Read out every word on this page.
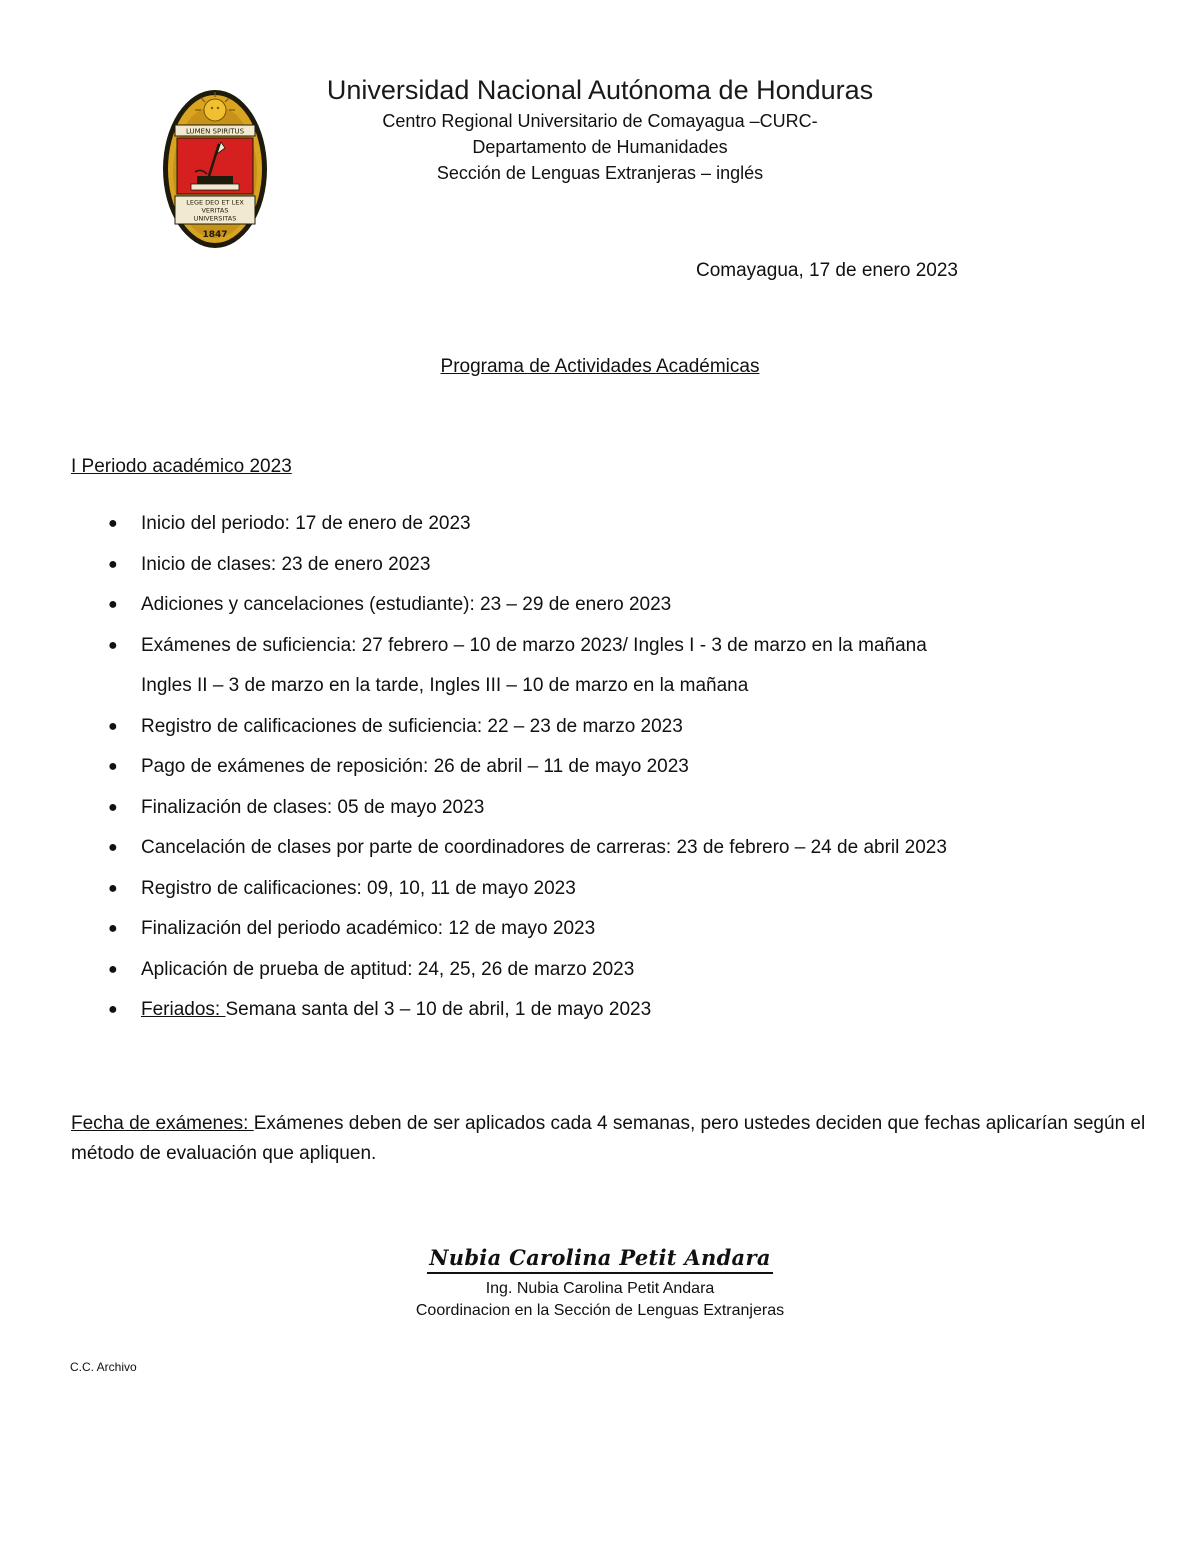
LUMEN SPIRITUS
LEGE DEO ET LEX
VERITAS
UNIVERSITAS
1847

Universidad Nacional Autónoma de Honduras

Centro Regional Universitario de Comayagua –CURC-

Departamento de Humanidades

Sección de Lenguas Extranjeras – inglés

Comayagua, 17 de enero 2023
Programa de Actividades Académicas
I Periodo académico 2023
● Inicio del periodo: 17 de enero de 2023
● Inicio de clases: 23 de enero 2023
● Adiciones y cancelaciones (estudiante): 23 – 29 de enero 2023
● Exámenes de suficiencia: 27 febrero – 10 de marzo 2023/ Ingles I - 3 de marzo en la mañana
Ingles II – 3 de marzo en la tarde, Ingles III – 10 de marzo en la mañana
● Registro de calificaciones de suficiencia: 22 – 23 de marzo 2023
● Pago de exámenes de reposición: 26 de abril – 11 de mayo 2023
● Finalización de clases: 05 de mayo 2023
● Cancelación de clases por parte de coordinadores de carreras: 23 de febrero – 24 de abril 2023
● Registro de calificaciones: 09, 10, 11 de mayo 2023
● Finalización del periodo académico: 12 de mayo 2023
● Aplicación de prueba de aptitud: 24, 25, 26 de marzo 2023
● Feriados: Semana santa del 3 – 10 de abril, 1 de mayo 2023
Fecha de exámenes: Exámenes deben de ser aplicados cada 4 semanas, pero ustedes deciden que fechas aplicarían según el método de evaluación que apliquen.
Nubia Carolina Petit Andara

Ing. Nubia Carolina Petit Andara

Coordinacion en la Sección de Lenguas Extranjeras

C.C. Archivo
